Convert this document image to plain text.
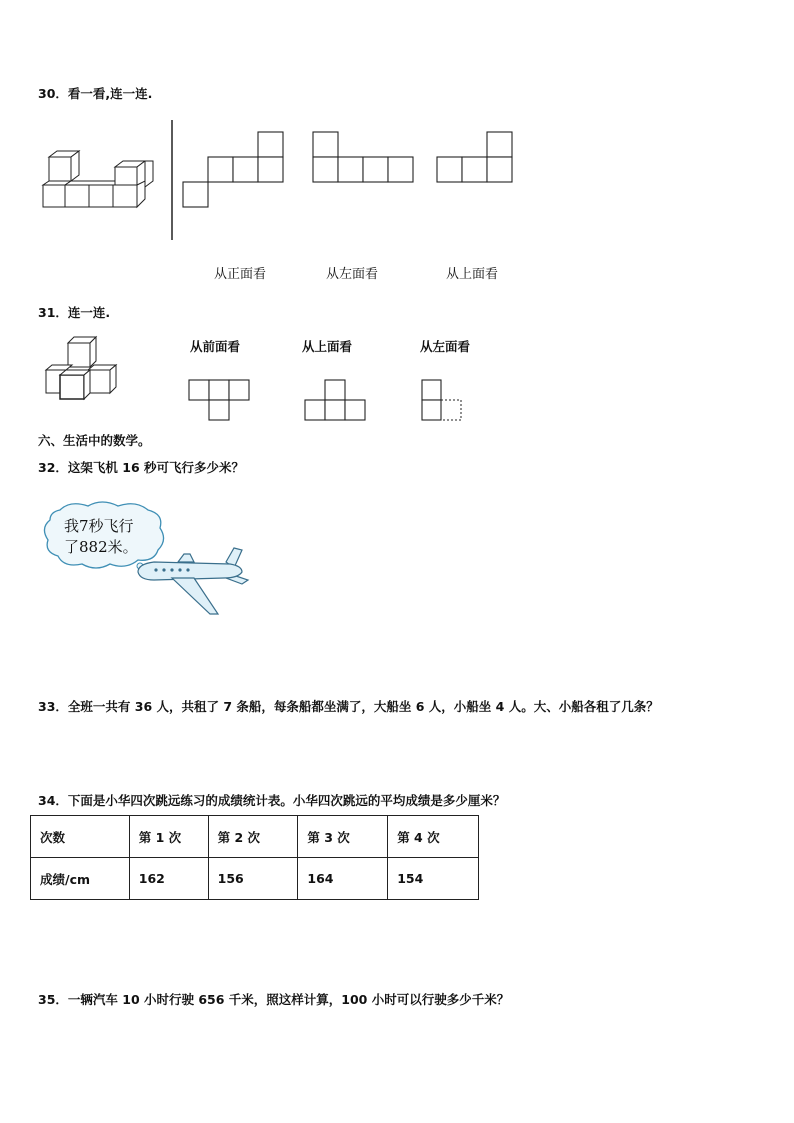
30．看一看,连一连.
从正面看	从左面看	从上面看
31．连一连.
从前面看	从上面看	从左面看
六、生活中的数学。
32．这架飞机 16 秒可飞行多少米？
我7秒飞行
了882米。
33．全班一共有 36 人，共租了 7 条船，每条船都坐满了，大船坐 6 人，小船坐 4 人。大、小船各租了几条？
34．下面是小华四次跳远练习的成绩统计表。小华四次跳远的平均成绩是多少厘米？
次数	第 1 次	第 2 次	第 3 次	第 4 次
成绩/cm	162	156	164	154
35．一辆汽车 10 小时行驶 656 千米，照这样计算，100 小时可以行驶多少千米？
